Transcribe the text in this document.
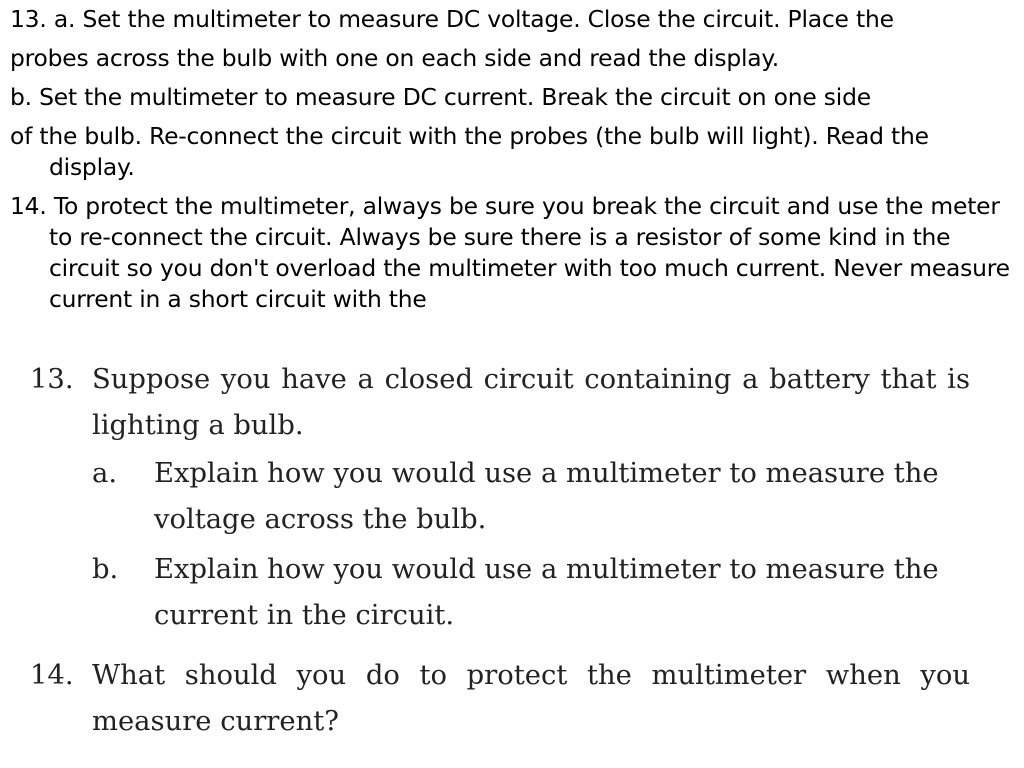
13. a. Set the multimeter to measure DC voltage. Close the circuit. Place the
probes across the bulb with one on each side and read the display.
b. Set the multimeter to measure DC current. Break the circuit on one side
of the bulb. Re-connect the circuit with the probes (the bulb will light). Read the display.
14. To protect the multimeter, always be sure you break the circuit and use the meter to re-connect the circuit. Always be sure there is a resistor of some kind in the circuit so you don't overload the multimeter with too much current. Never measure current in a short circuit with the
13. Suppose you have a closed circuit containing a battery that is lighting a bulb.
a. Explain how you would use a multimeter to measure the voltage across the bulb.
b. Explain how you would use a multimeter to measure the current in the circuit.
14. What should you do to protect the multimeter when you measure current?
